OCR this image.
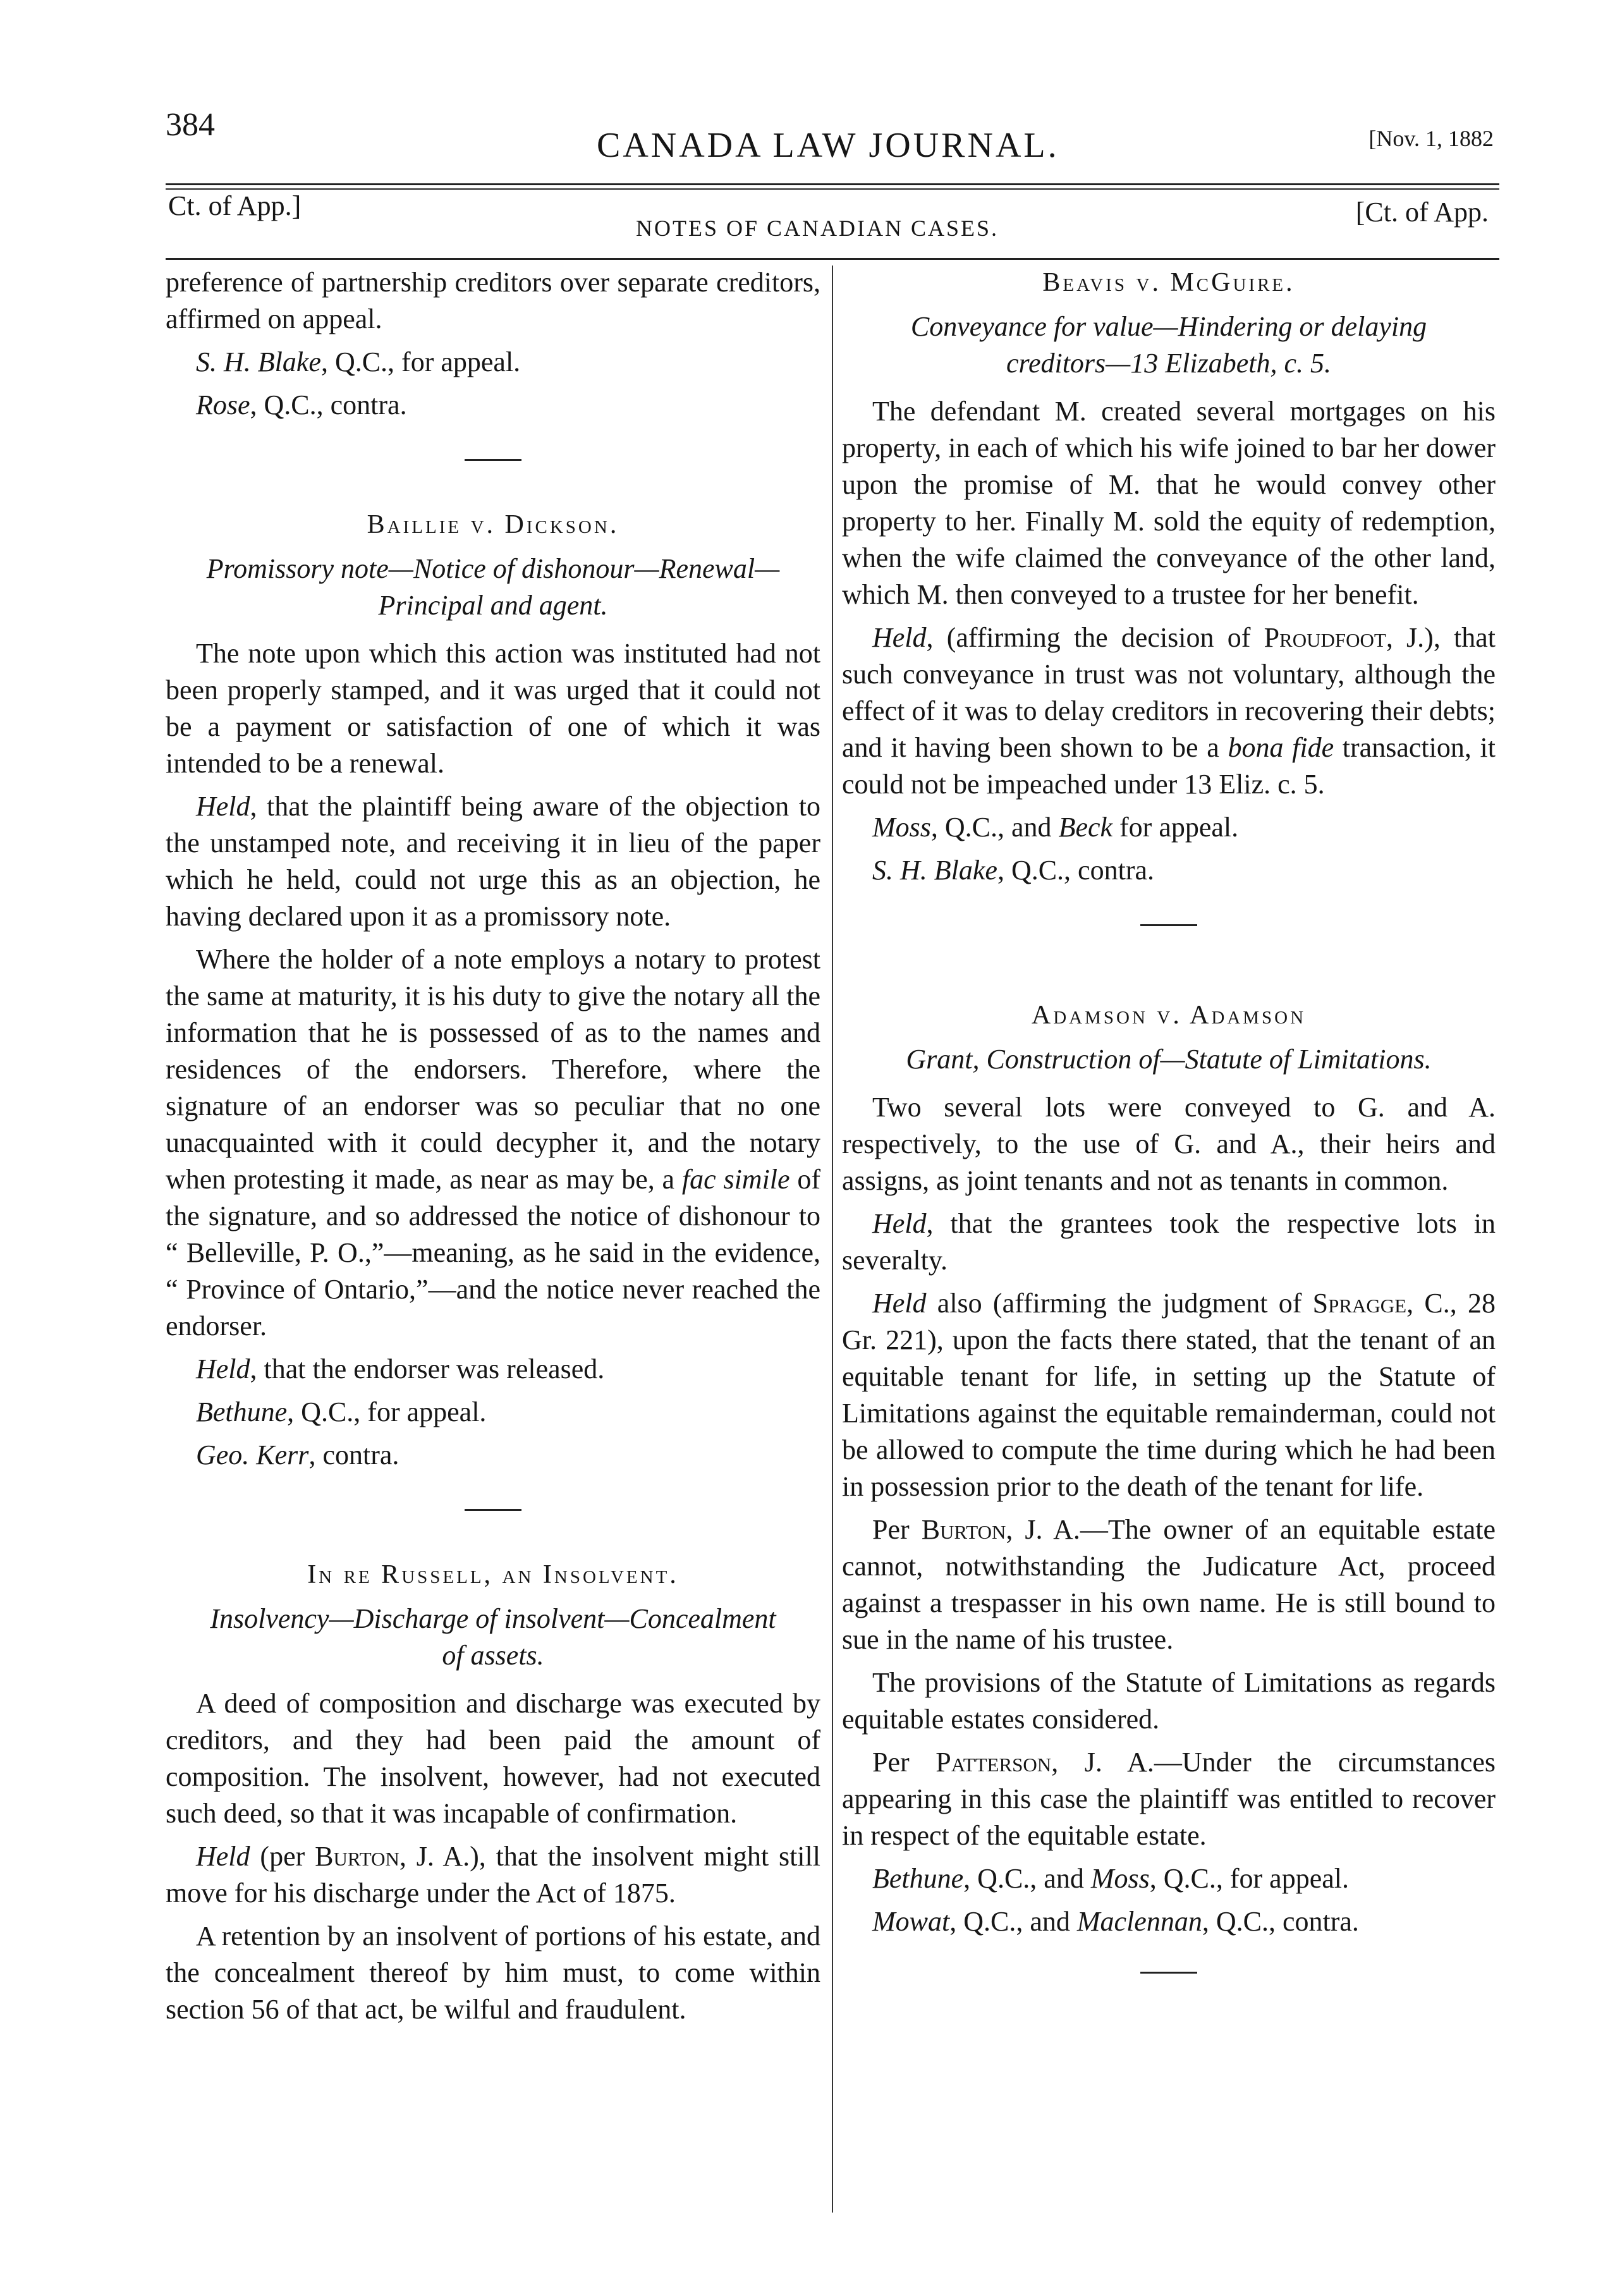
384
CANADA LAW JOURNAL.	[Nov. 1, 1882
Ct. of App.]
NOTES OF CANADIAN CASES.
[Ct. of App.

preference of partnership creditors over separate creditors, affirmed on appeal.

S. H. Blake, Q.C., for appeal.

Rose, Q.C., contra.

Baillie v. Dickson.
Promissory note—Notice of dishonour—Renewal—Principal and agent.

The note upon which this action was instituted had not been properly stamped, and it was urged that it could not be a payment or satisfaction of one of which it was intended to be a renewal.

Held, that the plaintiff being aware of the objection to the unstamped note, and receiving it in lieu of the paper which he held, could not urge this as an objection, he having declared upon it as a promissory note.

Where the holder of a note employs a notary to protest the same at maturity, it is his duty to give the notary all the information that he is possessed of as to the names and residences of the endorsers. Therefore, where the signature of an endorser was so peculiar that no one unacquainted with it could decypher it, and the notary when protesting it made, as near as may be, a fac simile of the signature, and so addressed the notice of dishonour to “ Belleville, P. O.,”—meaning, as he said in the evidence, “ Province of Ontario,”—and the notice never reached the endorser.

Held, that the endorser was released.

Bethune, Q.C., for appeal.

Geo. Kerr, contra.

In re Russell, an Insolvent.
Insolvency—Discharge of insolvent—Concealment of assets.

A deed of composition and discharge was executed by creditors, and they had been paid the amount of composition. The insolvent, however, had not executed such deed, so that it was incapable of confirmation.

Held (per Burton, J. A.), that the insolvent might still move for his discharge under the Act of 1875.

A retention by an insolvent of portions of his estate, and the concealment thereof by him must, to come within section 56 of that act, be wilful and fraudulent.

Beavis v. McGuire.
Conveyance for value—Hindering or delaying creditors—13 Elizabeth, c. 5.

The defendant M. created several mortgages on his property, in each of which his wife joined to bar her dower upon the promise of M. that he would convey other property to her. Finally M. sold the equity of redemption, when the wife claimed the conveyance of the other land, which M. then conveyed to a trustee for her benefit.

Held, (affirming the decision of Proudfoot, J.), that such conveyance in trust was not voluntary, although the effect of it was to delay creditors in recovering their debts; and it having been shown to be a bona fide transaction, it could not be impeached under 13 Eliz. c. 5.

Moss, Q.C., and Beck for appeal.

S. H. Blake, Q.C., contra.

Adamson v. Adamson
Grant, Construction of—Statute of Limitations.

Two several lots were conveyed to G. and A. respectively, to the use of G. and A., their heirs and assigns, as joint tenants and not as tenants in common.

Held, that the grantees took the respective lots in severalty.

Held also (affirming the judgment of Spragge, C., 28 Gr. 221), upon the facts there stated, that the tenant of an equitable tenant for life, in setting up the Statute of Limitations against the equitable remainderman, could not be allowed to compute the time during which he had been in possession prior to the death of the tenant for life.

Per Burton, J. A.—The owner of an equitable estate cannot, notwithstanding the Judicature Act, proceed against a trespasser in his own name. He is still bound to sue in the name of his trustee.

The provisions of the Statute of Limitations as regards equitable estates considered.

Per Patterson, J. A.—Under the circumstances appearing in this case the plaintiff was entitled to recover in respect of the equitable estate.

Bethune, Q.C., and Moss, Q.C., for appeal.

Mowat, Q.C., and Maclennan, Q.C., contra.
